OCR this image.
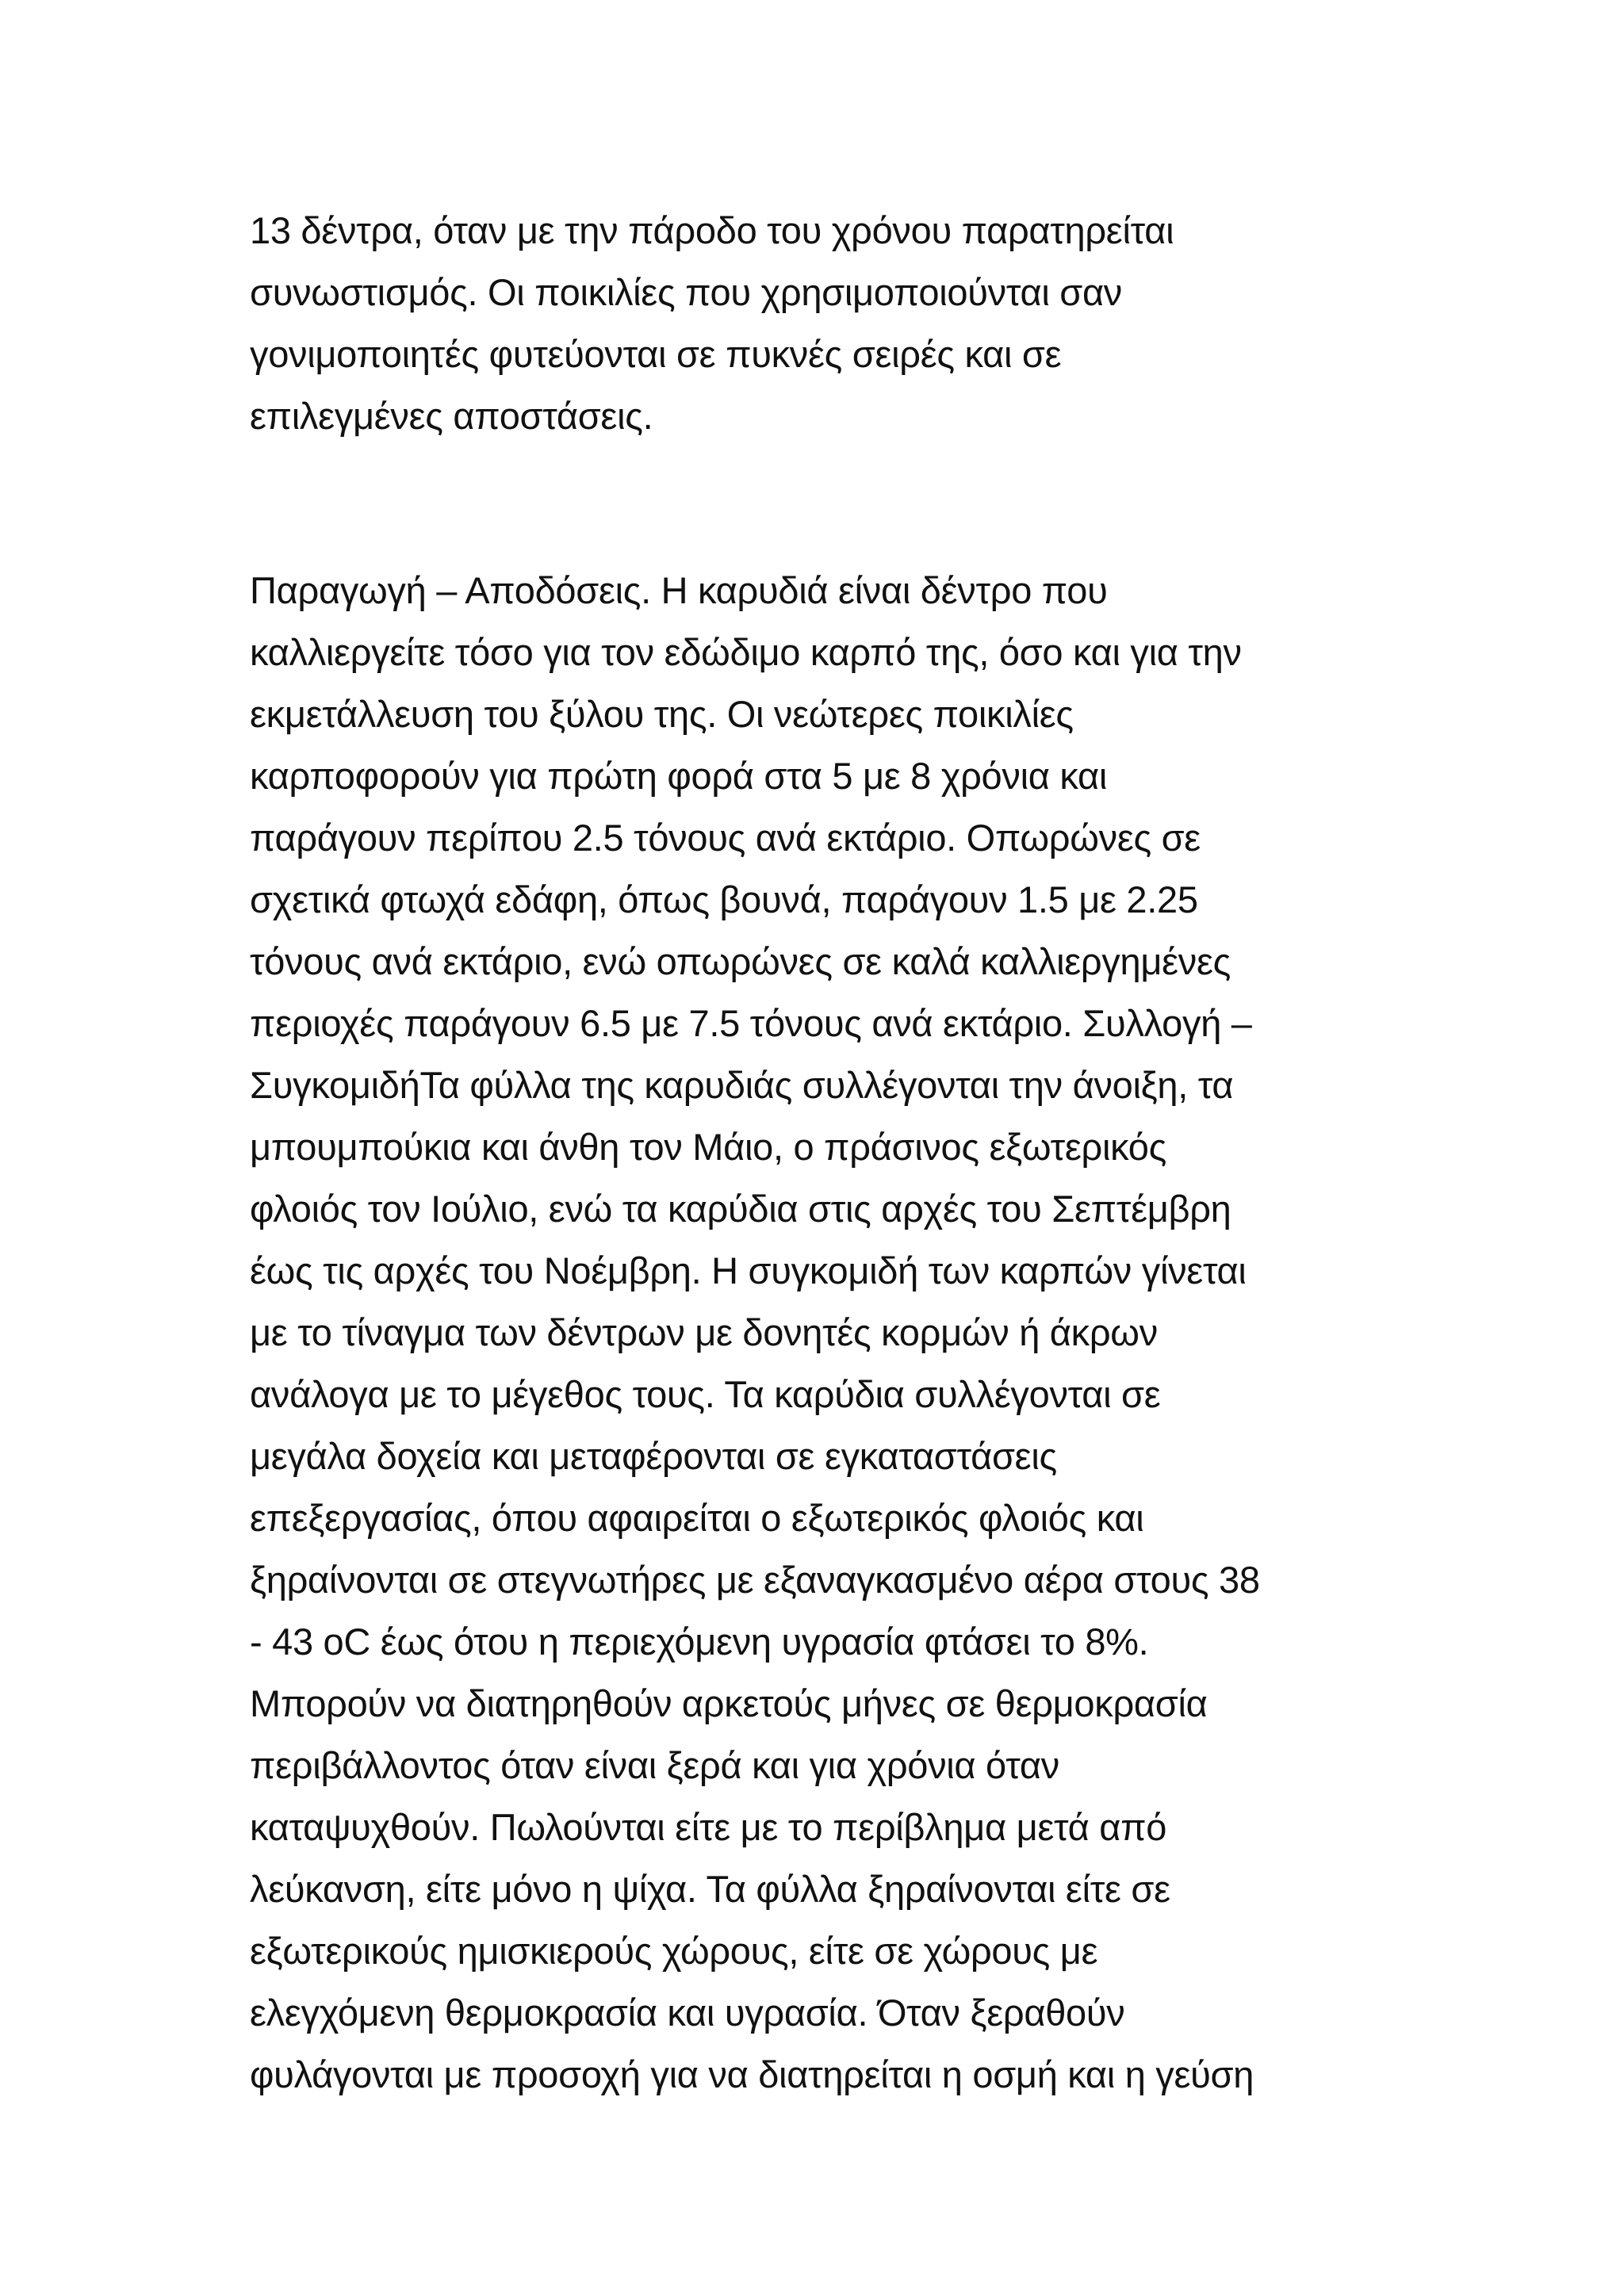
13 δέντρα, όταν με την πάροδο του χρόνου παρατηρείται
συνωστισμός. Οι ποικιλίες που χρησιμοποιούνται σαν
γονιμοποιητές φυτεύονται σε πυκνές σειρές και σε
επιλεγμένες αποστάσεις.
Παραγωγή – Αποδόσεις. Η καρυδιά είναι δέντρο που
καλλιεργείτε τόσο για τον εδώδιμο καρπό της, όσο και για την
εκμετάλλευση του ξύλου της. Οι νεώτερες ποικιλίες
καρποφορούν για πρώτη φορά στα 5 με 8 χρόνια και
παράγουν περίπου 2.5 τόνους ανά εκτάριο. Οπωρώνες σε
σχετικά φτωχά εδάφη, όπως βουνά, παράγουν 1.5 με 2.25
τόνους ανά εκτάριο, ενώ οπωρώνες σε καλά καλλιεργημένες
περιοχές παράγουν 6.5 με 7.5 τόνους ανά εκτάριο. Συλλογή –
ΣυγκομιδήΤα φύλλα της καρυδιάς συλλέγονται την άνοιξη, τα
μπουμπούκια και άνθη τον Μάιο, ο πράσινος εξωτερικός
φλοιός τον Ιούλιο, ενώ τα καρύδια στις αρχές του Σεπτέμβρη
έως τις αρχές του Νοέμβρη. Η συγκομιδή των καρπών γίνεται
με το τίναγμα των δέντρων με δονητές κορμών ή άκρων
ανάλογα με το μέγεθος τους. Τα καρύδια συλλέγονται σε
μεγάλα δοχεία και μεταφέρονται σε εγκαταστάσεις
επεξεργασίας, όπου αφαιρείται ο εξωτερικός φλοιός και
ξηραίνονται σε στεγνωτήρες με εξαναγκασμένο αέρα στους 38
- 43 οC έως ότου η περιεχόμενη υγρασία φτάσει το 8%.
Μπορούν να διατηρηθούν αρκετούς μήνες σε θερμοκρασία
περιβάλλοντος όταν είναι ξερά και για χρόνια όταν
καταψυχθούν. Πωλούνται είτε με το περίβλημα μετά από
λεύκανση, είτε μόνο η ψίχα. Τα φύλλα ξηραίνονται είτε σε
εξωτερικούς ημισκιερούς χώρους, είτε σε χώρους με
ελεγχόμενη θερμοκρασία και υγρασία. Όταν ξεραθούν
φυλάγονται με προσοχή για να διατηρείται η οσμή και η γεύση
